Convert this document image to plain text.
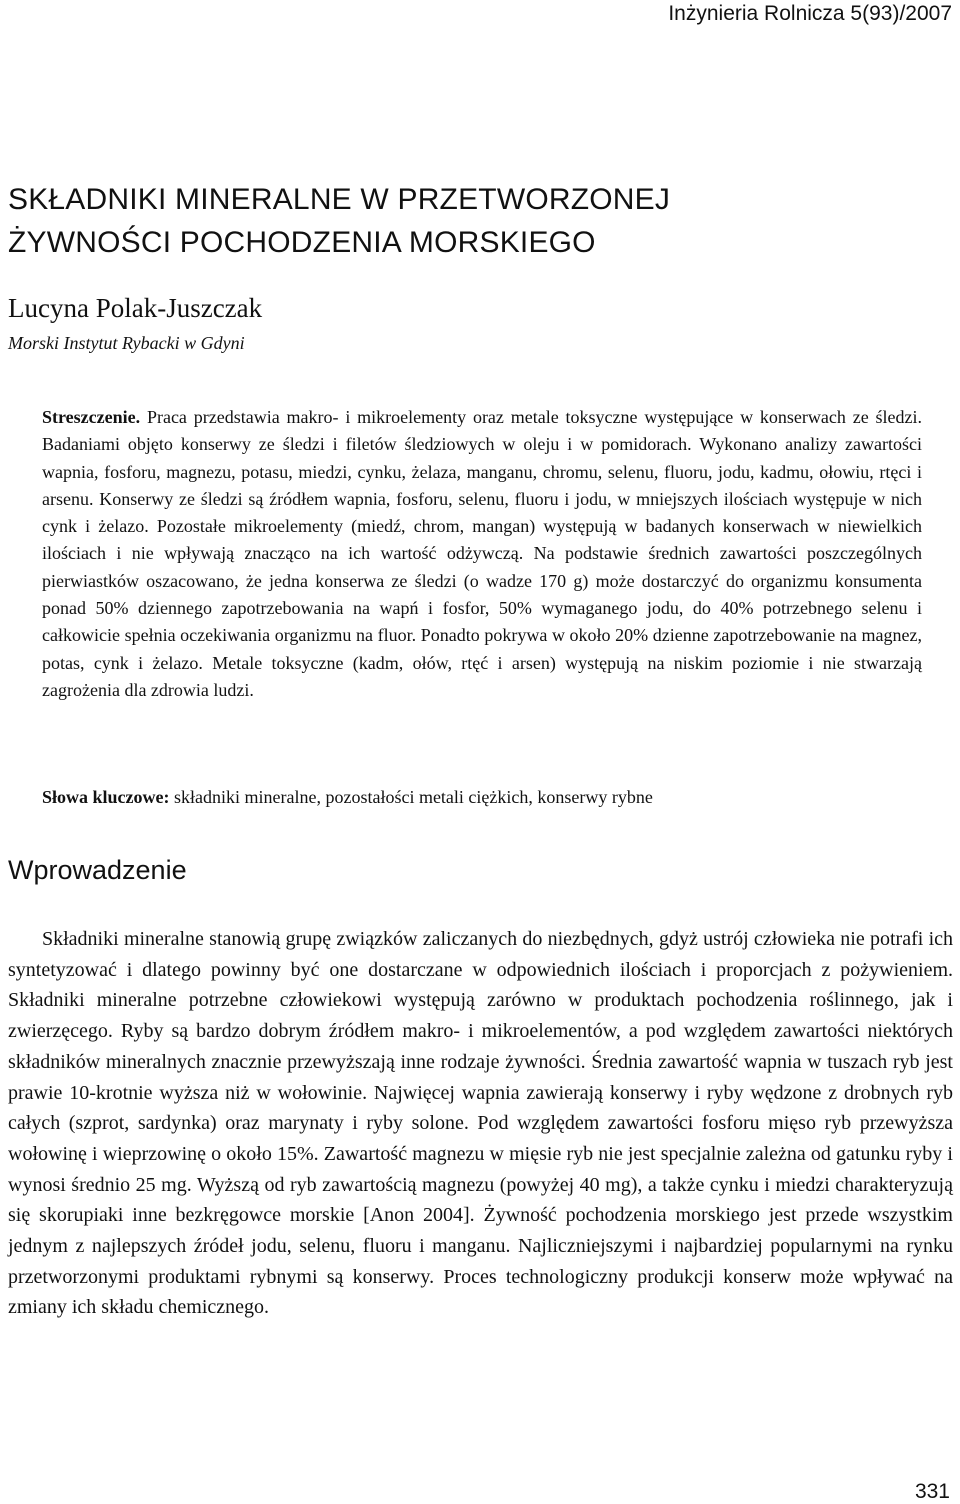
Inżynieria Rolnicza 5(93)/2007
SKŁADNIKI MINERALNE W PRZETWORZONEJ
ŻYWNOŚCI POCHODZENIA MORSKIEGO
Lucyna Polak-Juszczak
Morski Instytut Rybacki w Gdyni

Streszczenie. Praca przedstawia makro- i mikroelementy oraz metale toksyczne występujące w konserwach ze śledzi. Badaniami objęto konserwy ze śledzi i filetów śledziowych w oleju i w pomidorach. Wykonano analizy zawartości wapnia, fosforu, magnezu, potasu, miedzi, cynku, żelaza, manganu, chromu, selenu, fluoru, jodu, kadmu, ołowiu, rtęci i arsenu. Konserwy ze śledzi są źródłem wapnia, fosforu, selenu, fluoru i jodu, w mniejszych ilościach występuje w nich cynk i żelazo. Pozostałe mikroelementy (miedź, chrom, mangan) występują w badanych konserwach w niewielkich ilościach i nie wpływają znacząco na ich wartość odżywczą. Na podstawie średnich zawartości poszczególnych pierwiastków oszacowano, że jedna konserwa ze śledzi (o wadze 170 g) może dostarczyć do organizmu konsumenta ponad 50% dziennego zapotrzebowania na wapń i fosfor, 50% wymaganego jodu, do 40% potrzebnego selenu i całkowicie spełnia oczekiwania organizmu na fluor. Ponadto pokrywa w około 20% dzienne zapotrzebowanie na magnez, potas, cynk i żelazo. Metale toksyczne (kadm, ołów, rtęć i arsen) występują na niskim poziomie i nie stwarzają zagrożenia dla zdrowia ludzi.

Słowa kluczowe: składniki mineralne, pozostałości metali ciężkich, konserwy rybne

Wprowadzenie

Składniki mineralne stanowią grupę związków zaliczanych do niezbędnych, gdyż ustrój człowieka nie potrafi ich syntetyzować i dlatego powinny być one dostarczane w odpowiednich ilościach i proporcjach z pożywieniem. Składniki mineralne potrzebne człowiekowi występują zarówno w produktach pochodzenia roślinnego, jak i zwierzęcego. Ryby są bardzo dobrym źródłem makro- i mikroelementów, a pod względem zawartości niektórych składników mineralnych znacznie przewyższają inne rodzaje żywności. Średnia zawartość wapnia w tuszach ryb jest prawie 10-krotnie wyższa niż w wołowinie. Najwięcej wapnia zawierają konserwy i ryby wędzone z drobnych ryb całych (szprot, sardynka) oraz marynaty i ryby solone. Pod względem zawartości fosforu mięso ryb przewyższa wołowinę i wieprzowinę o około 15%. Zawartość magnezu w mięsie ryb nie jest specjalnie zależna od gatunku ryby i wynosi średnio 25 mg. Wyższą od ryb zawartością magnezu (powyżej 40 mg), a także cynku i miedzi charakteryzują się skorupiaki inne bezkręgowce morskie [Anon 2004]. Żywność pochodzenia morskiego jest przede wszystkim jednym z najlepszych źródeł jodu, selenu, fluoru i manganu. Najliczniejszymi i najbardziej popularnymi na rynku przetworzonymi produktami rybnymi są konserwy. Proces technologiczny produkcji konserw może wpływać na zmiany ich składu chemicznego.

331
